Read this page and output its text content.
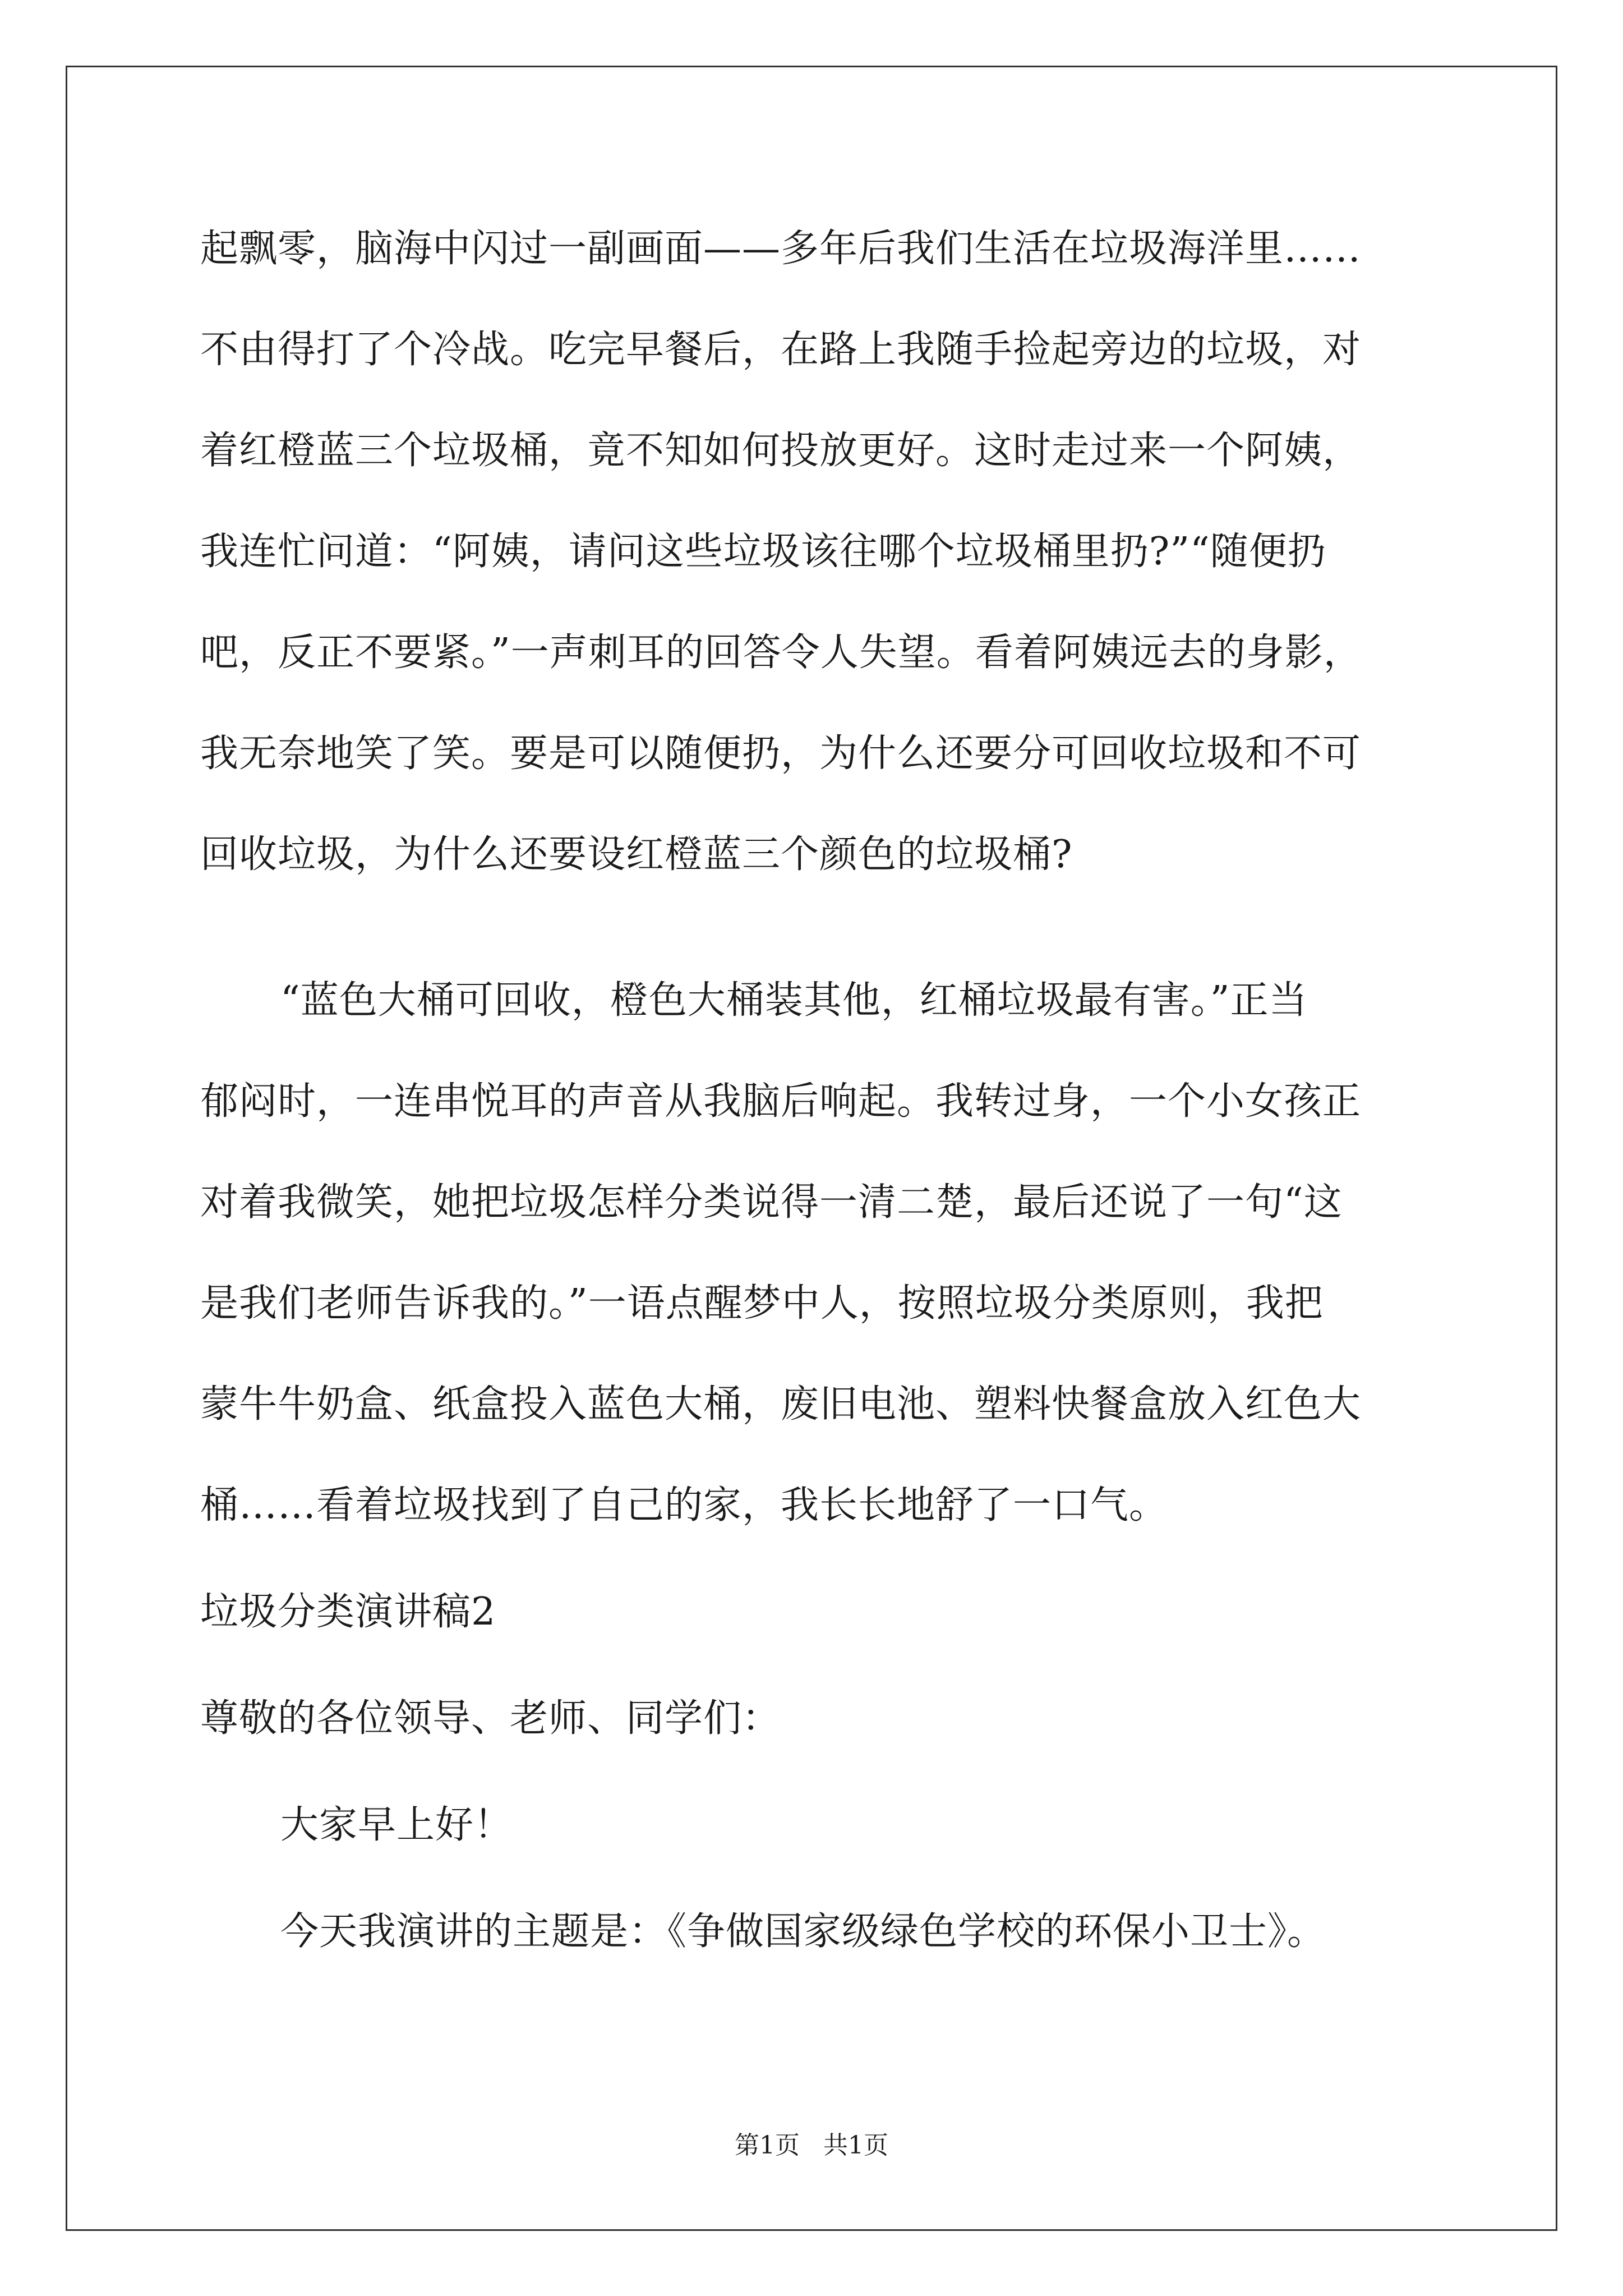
起飘零，脑海中闪过一副画面——多年后我们生活在垃圾海洋里……
不由得打了个冷战。吃完早餐后，在路上我随手捡起旁边的垃圾，对
着红橙蓝三个垃圾桶，竟不知如何投放更好。这时走过来一个阿姨，
我连忙问道：“阿姨，请问这些垃圾该往哪个垃圾桶里扔?”“随便扔
吧，反正不要紧。”一声刺耳的回答令人失望。看着阿姨远去的身影，
我无奈地笑了笑。要是可以随便扔，为什么还要分可回收垃圾和不可
回收垃圾，为什么还要设红橙蓝三个颜色的垃圾桶?
“蓝色大桶可回收，橙色大桶装其他，红桶垃圾最有害。”正当
郁闷时，一连串悦耳的声音从我脑后响起。我转过身，一个小女孩正
对着我微笑，她把垃圾怎样分类说得一清二楚，最后还说了一句“这
是我们老师告诉我的。”一语点醒梦中人，按照垃圾分类原则，我把
蒙牛牛奶盒、纸盒投入蓝色大桶，废旧电池、塑料快餐盒放入红色大
桶……看着垃圾找到了自己的家，我长长地舒了一口气。
垃圾分类演讲稿2
尊敬的各位领导、老师、同学们：
大家早上好！
今天我演讲的主题是：《争做国家级绿色学校的环保小卫士》。
第1页   共1页
